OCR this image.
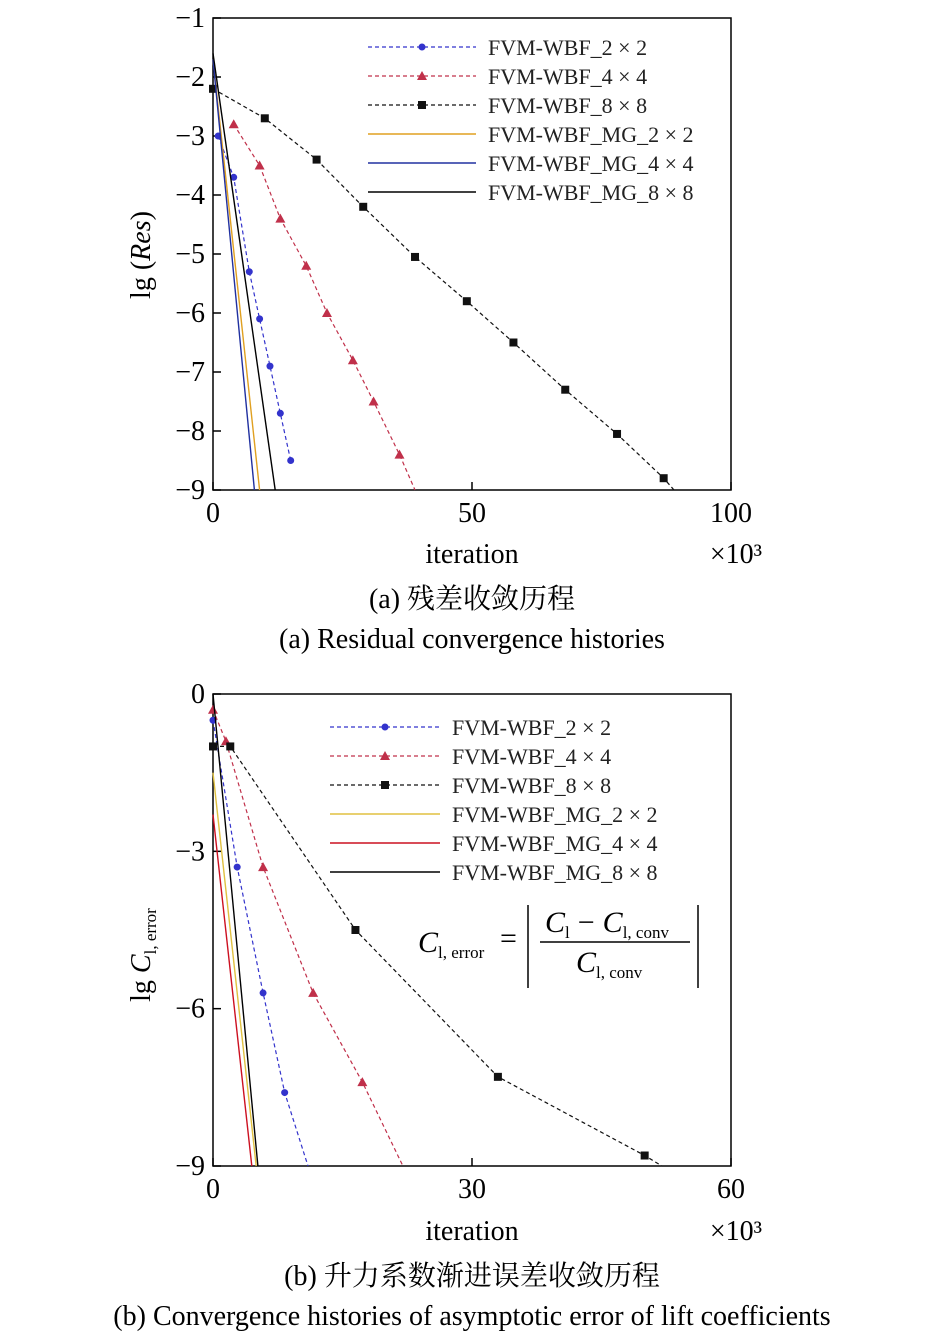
0	50	100
−1
−2
−3
−4
−5
−6
−7
−8
−9
FVM-WBF_2 × 2
FVM-WBF_4 × 4
FVM-WBF_8 × 8
FVM-WBF_MG_2 × 2
FVM-WBF_MG_4 × 4
FVM-WBF_MG_8 × 8
iteration	×10³
lg (Res)
(a) 残差收敛历程
(a) Residual convergence histories
0	30	60
0
−3
−6
−9
FVM-WBF_2 × 2
FVM-WBF_4 × 4
FVM-WBF_8 × 8
FVM-WBF_MG_2 × 2
FVM-WBF_MG_4 × 4
FVM-WBF_MG_8 × 8
$C_{l, error} = C_l - C_{l, conv}$
$C_{l, conv}$
iteration	×10³
$\lg C_{l, error}$
(b) 升力系数渐进误差收敛历程
(b) Convergence histories of asymptotic error of lift coefficients
